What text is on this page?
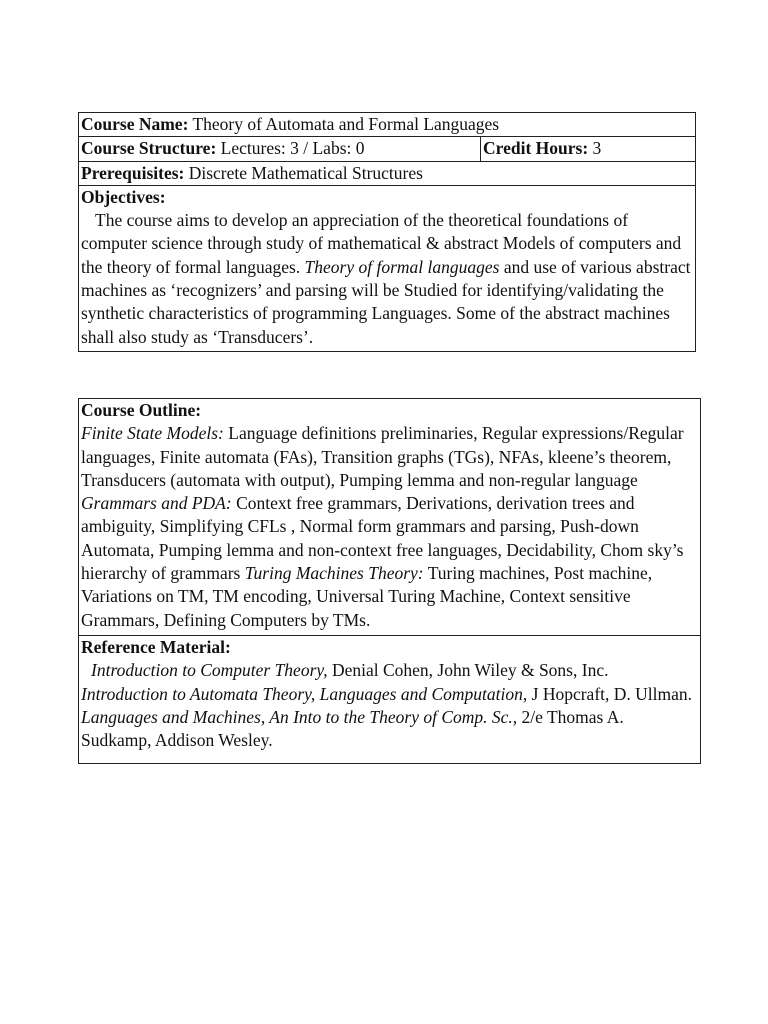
Course Name: Theory of Automata and Formal Languages
Course Structure: Lectures: 3 / Labs: 0	Credit Hours: 3
Prerequisites: Discrete Mathematical Structures

Objectives:
The course aims to develop an appreciation of the theoretical foundations of computer science through study of mathematical & abstract Models of computers and the theory of formal languages. Theory of formal languages and use of various abstract machines as ‘recognizers’ and parsing will be Studied for identifying/validating the synthetic characteristics of programming Languages. Some of the abstract machines shall also study as ‘Transducers’.
Course Outline:
Finite State Models: Language definitions preliminaries, Regular expressions/Regular languages, Finite automata (FAs), Transition graphs (TGs), NFAs, kleene’s theorem, Transducers (automata with output), Pumping lemma and non-regular language Grammars and PDA: Context free grammars, Derivations, derivation trees and ambiguity, Simplifying CFLs , Normal form grammars and parsing, Push-down Automata, Pumping lemma and non-context free languages, Decidability, Chom sky’s hierarchy of grammars Turing Machines Theory: Turing machines, Post machine, Variations on TM, TM encoding, Universal Turing Machine, Context sensitive Grammars, Defining Computers by TMs.

Reference Material:
Introduction to Computer Theory, Denial Cohen, John Wiley & Sons, Inc. Introduction to Automata Theory, Languages and Computation, J Hopcraft, D. Ullman. Languages and Machines, An Into to the Theory of Comp. Sc., 2/e Thomas A. Sudkamp, Addison Wesley.
